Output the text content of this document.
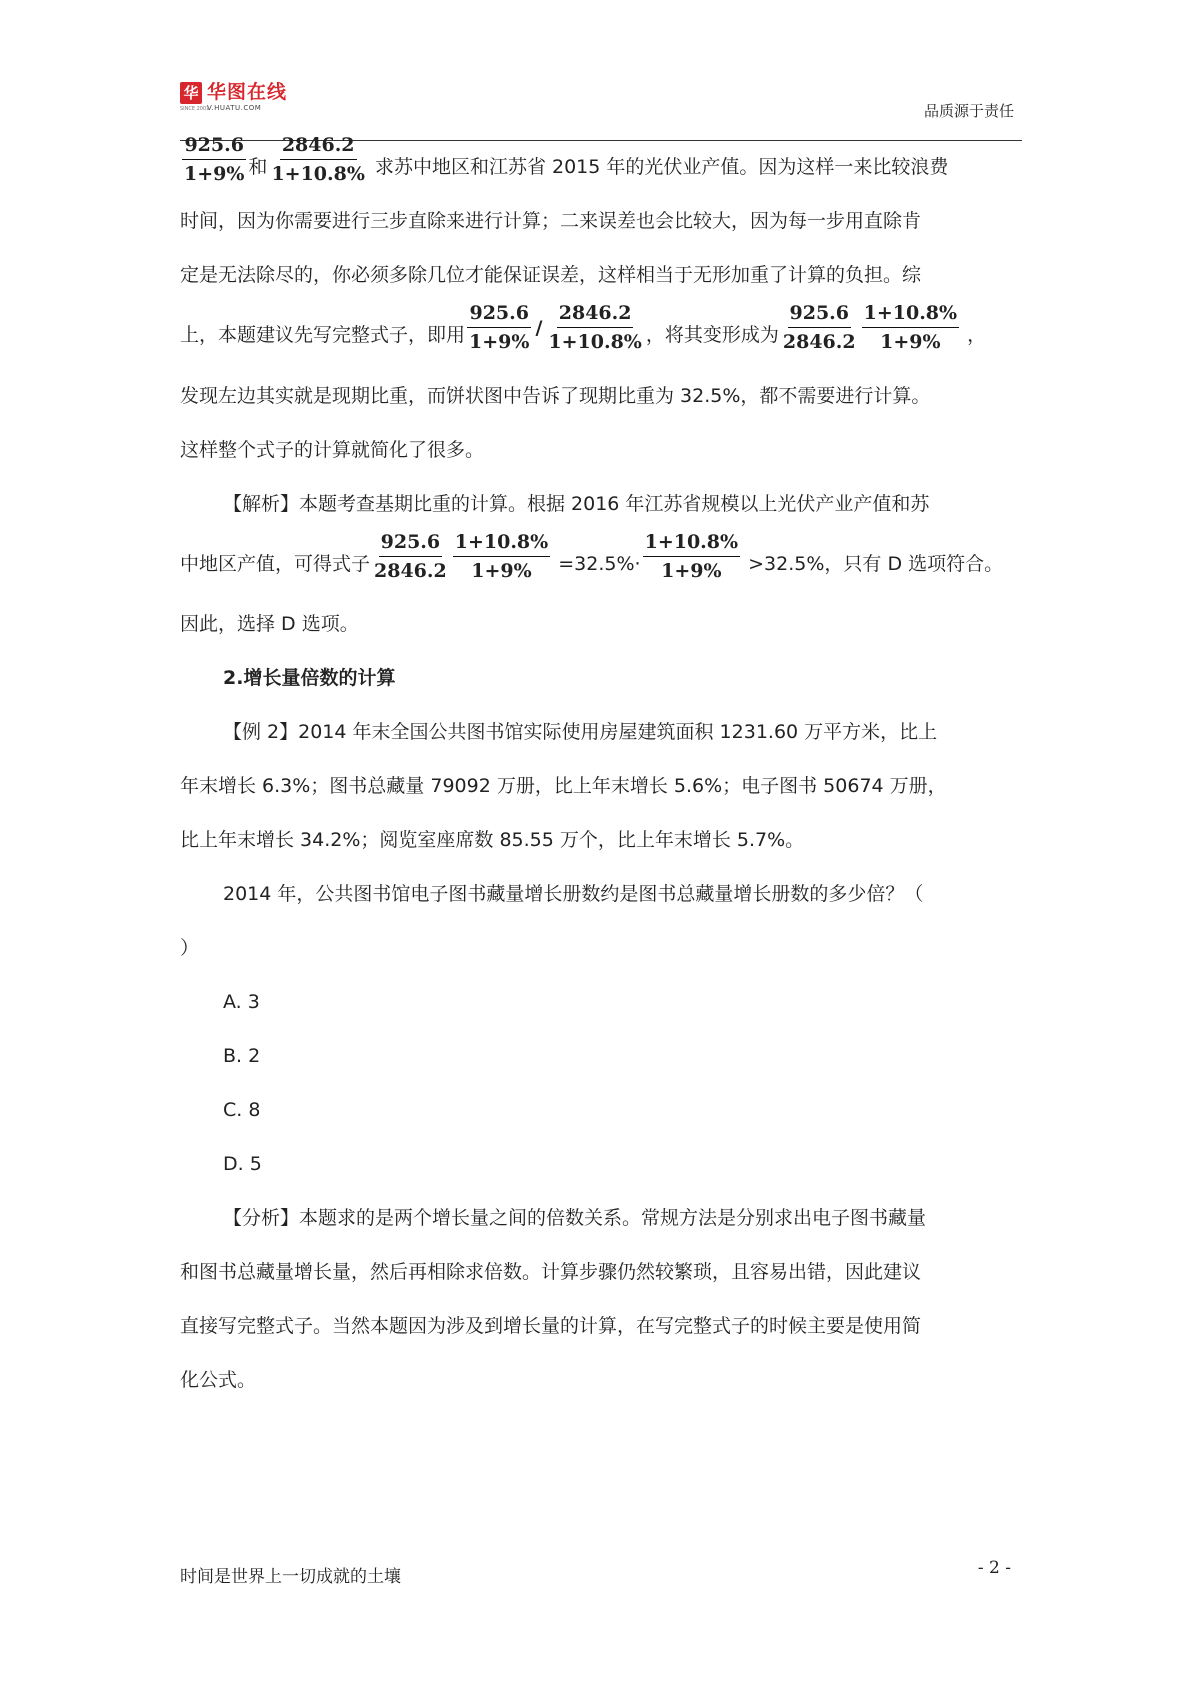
华 华图在线
V.HUATU.COM
SINCE 2001	品质源于责任

$\frac{925.6}{1+9\%}$ 和 $\frac{2846.2}{1+10.8\%}$ 求苏中地区和江苏省 2015 年的光伏业产值。因为这样一来比较浪费

时间，因为你需要进行三步直除来进行计算；二来误差也会比较大，因为每一步用直除肯

定是无法除尽的，你必须多除几位才能保证误差，这样相当于无形加重了计算的负担。综

上，本题建议先写完整式子，即用 $\frac{925.6}{1+9\%} / \frac{2846.2}{1+10.8\%}$ ，将其变形成为 $\frac{925.6}{2846.2} \frac{1+10.8\%}{1+9\%}$ ，

发现左边其实就是现期比重，而饼状图中告诉了现期比重为 32.5%，都不需要进行计算。

这样整个式子的计算就简化了很多。

【解析】本题考查基期比重的计算。根据 2016 年江苏省规模以上光伏产业产值和苏

中地区产值，可得式子 $\frac{925.6}{2846.2} \frac{1+10.8\%}{1+9\%} =32.5\%\cdot \frac{1+10.8\%}{1+9\%} >32.5\%$，只有 D 选项符合。

因此，选择 D 选项。

2.增长量倍数的计算

【例 2】2014 年末全国公共图书馆实际使用房屋建筑面积 1231.60 万平方米，比上

年末增长 6.3%；图书总藏量 79092 万册，比上年末增长 5.6%；电子图书 50674 万册，

比上年末增长 34.2%；阅览室座席数 85.55 万个，比上年末增长 5.7%。

2014 年，公共图书馆电子图书藏量增长册数约是图书总藏量增长册数的多少倍？（

）

A. 3

B. 2

C. 8

D. 5

【分析】本题求的是两个增长量之间的倍数关系。常规方法是分别求出电子图书藏量

和图书总藏量增长量，然后再相除求倍数。计算步骤仍然较繁琐，且容易出错，因此建议

直接写完整式子。当然本题因为涉及到增长量的计算，在写完整式子的时候主要是使用简

化公式。

时间是世界上一切成就的土壤	- 2 -
